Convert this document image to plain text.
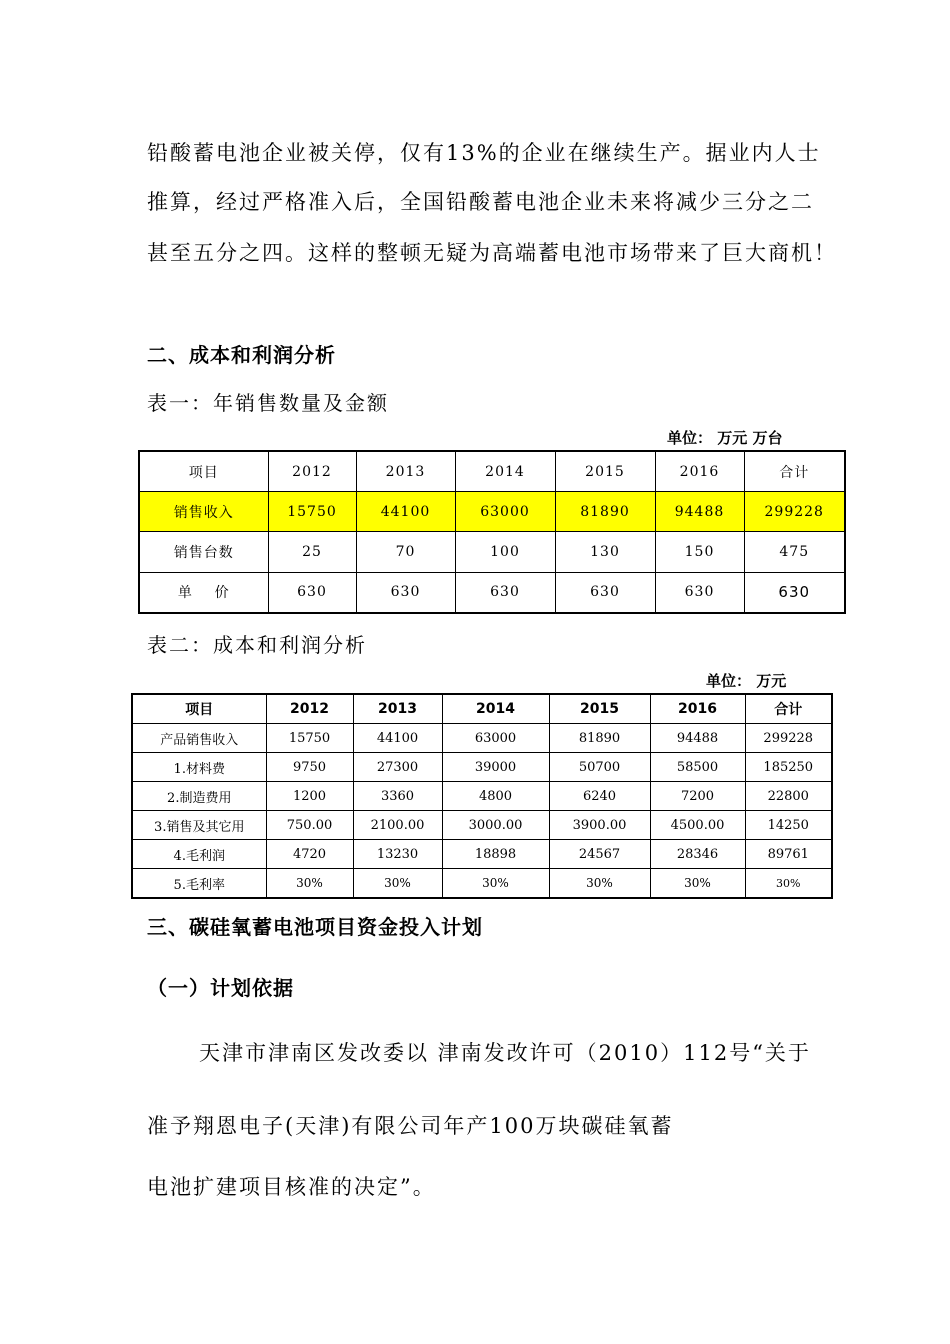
铅酸蓄电池企业被关停，仅有13%的企业在继续生产。据业内人士
推算，经过严格准入后，全国铅酸蓄电池企业未来将减少三分之二
甚至五分之四。这样的整顿无疑为高端蓄电池市场带来了巨大商机！
二、成本和利润分析
表一：年销售数量及金额
单位： 万元 万台
项目	2012	2013	2014	2015	2016	合计
销售收入	15750	44100	63000	81890	94488	299228
销售台数	25	70	100	130	150	475
单    价	630	630	630	630	630	630
表二：成本和利润分析
单位： 万元
项目	2012	2013	2014	2015	2016	合计
产品销售收入	15750	44100	63000	81890	94488	299228
1.材料费	9750	27300	39000	50700	58500	185250
2.制造费用	1200	3360	4800	6240	7200	22800
3.销售及其它用	750.00	2100.00	3000.00	3900.00	4500.00	14250
4.毛利润	4720	13230	18898	24567	28346	89761
5.毛利率	30%	30%	30%	30%	30%	30%
三、碳硅氧蓄电池项目资金投入计划
（一）计划依据
天津市津南区发改委以 津南发改许可（2010）112号“关于
准予翔恩电子(天津)有限公司年产100万块碳硅氧蓄
电池扩建项目核准的决定”。
